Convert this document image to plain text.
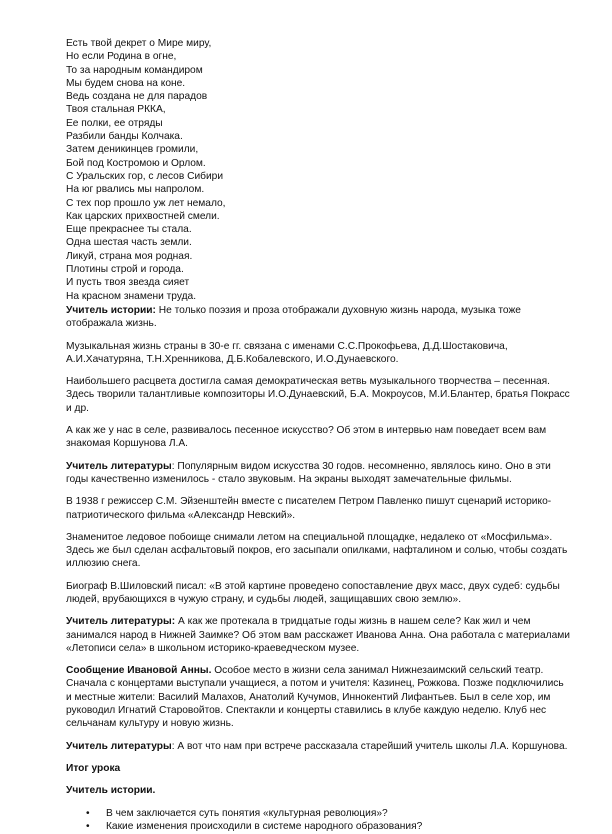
Есть твой декрет о Мире миру,
Но если Родина в огне,
То за народным командиром
Мы будем снова на коне.
Ведь создана не для парадов
Твоя стальная РККА,
Ее полки, ее отряды
Разбили банды Колчака.
Затем деникинцев громили,
Бой под Костромою и Орлом.
С Уральских гор, с лесов Сибири
На юг рвались мы напролом.
С тех пор прошло уж лет немало,
Как царских прихвостней смели.
Еще прекраснее ты стала.
Одна шестая часть земли.
Ликуй, страна моя родная.
Плотины строй и города.
И пусть твоя звезда сияет
На красном знамени труда.

Учитель истории: Не только поэзия и проза отображали духовную жизнь народа, музыка тоже отображала жизнь.

Музыкальная жизнь страны в 30-е гг. связана с именами С.С.Прокофьева, Д.Д.Шостаковича, А.И.Хачатуряна, Т.Н.Хренникова, Д.Б.Кобалевского, И.О.Дунаевского.

Наибольшего расцвета достигла самая демократическая ветвь музыкального творчества – песенная. Здесь творили талантливые композиторы И.О.Дунаевский, Б.А. Мокроусов, М.И.Блантер, братья Покрасс и др.

А как же у нас в селе, развивалось песенное искусство? Об этом в интервью нам поведает всем вам знакомая Коршунова Л.А.

Учитель литературы: Популярным видом искусства 30 годов. несомненно, являлось кино. Оно в эти годы качественно изменилось - стало звуковым. На экраны выходят замечательные фильмы.

В 1938 г режиссер С.М. Эйзенштейн вместе с писателем Петром Павленко пишут сценарий историко-патриотического фильма «Александр Невский».

Знаменитое ледовое побоище снимали летом на специальной площадке, недалеко от «Мосфильма». Здесь же был сделан асфальтовый покров, его засыпали опилками, нафталином и солью, чтобы создать иллюзию снега.

Биограф В.Шиловский писал: «В этой картине проведено сопоставление двух масс, двух судеб: судьбы людей, врубающихся в чужую страну, и судьбы людей, защищавших свою землю».

Учитель литературы: А как же протекала в тридцатые годы жизнь в нашем селе? Как жил и чем занимался народ в Нижней Заимке? Об этом вам расскажет Иванова Анна. Она работала с материалами «Летописи села» в школьном историко-краеведческом музее.

Сообщение Ивановой Анны. Особое место в жизни села занимал Нижнезаимский сельский театр. Сначала с концертами выступали учащиеся, а потом и учителя: Казинец, Рожкова. Позже подключились и местные жители: Василий Малахов, Анатолий Кучумов, Иннокентий Лифантьев. Был в селе хор, им руководил Игнатий Старовойтов. Спектакли и концерты ставились в клубе каждую неделю. Клуб нес сельчанам культуру и новую жизнь.

Учитель литературы: А вот что нам при встрече рассказала старейший учитель школы Л.А. Коршунова.

Итог урока

Учитель истории.

• В чем заключается суть понятия «культурная революция»?
• Какие изменения происходили в системе народного образования?
